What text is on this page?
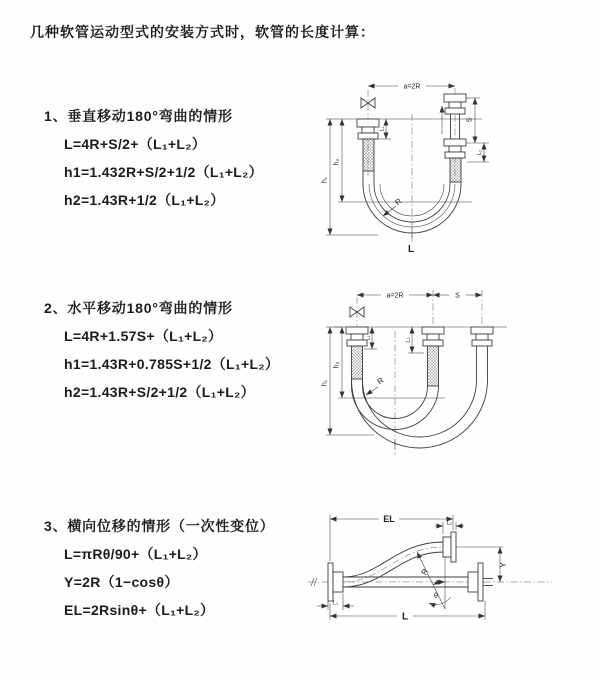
几种软管运动型式的安装方式时，软管的长度计算：
1、垂直移动180°弯曲的情形
L=4R+S/2+（L₁+L₂）
h1=1.432R+S/2+1/2（L₁+L₂）
h2=1.43R+1/2（L₁+L₂）
2、水平移动180°弯曲的情形
L=4R+1.57S+（L₁+L₂）
h1=1.43R+0.785S+1/2（L₁+L₂）
h2=1.43R+S/2+1/2（L₁+L₂）
3、横向位移的情形（一次性变位）
L=πRθ/90+（L₁+L₂）
Y=2R（1−cosθ）
EL=2Rsinθ+（L₁+L₂）
a=2R
R
h₁
h₂
L₁
S
L₂
L
a=2R	S
R
h₁
h₂
L₁	L₂
EL	L₂
R
θ
Y
L₁
L
